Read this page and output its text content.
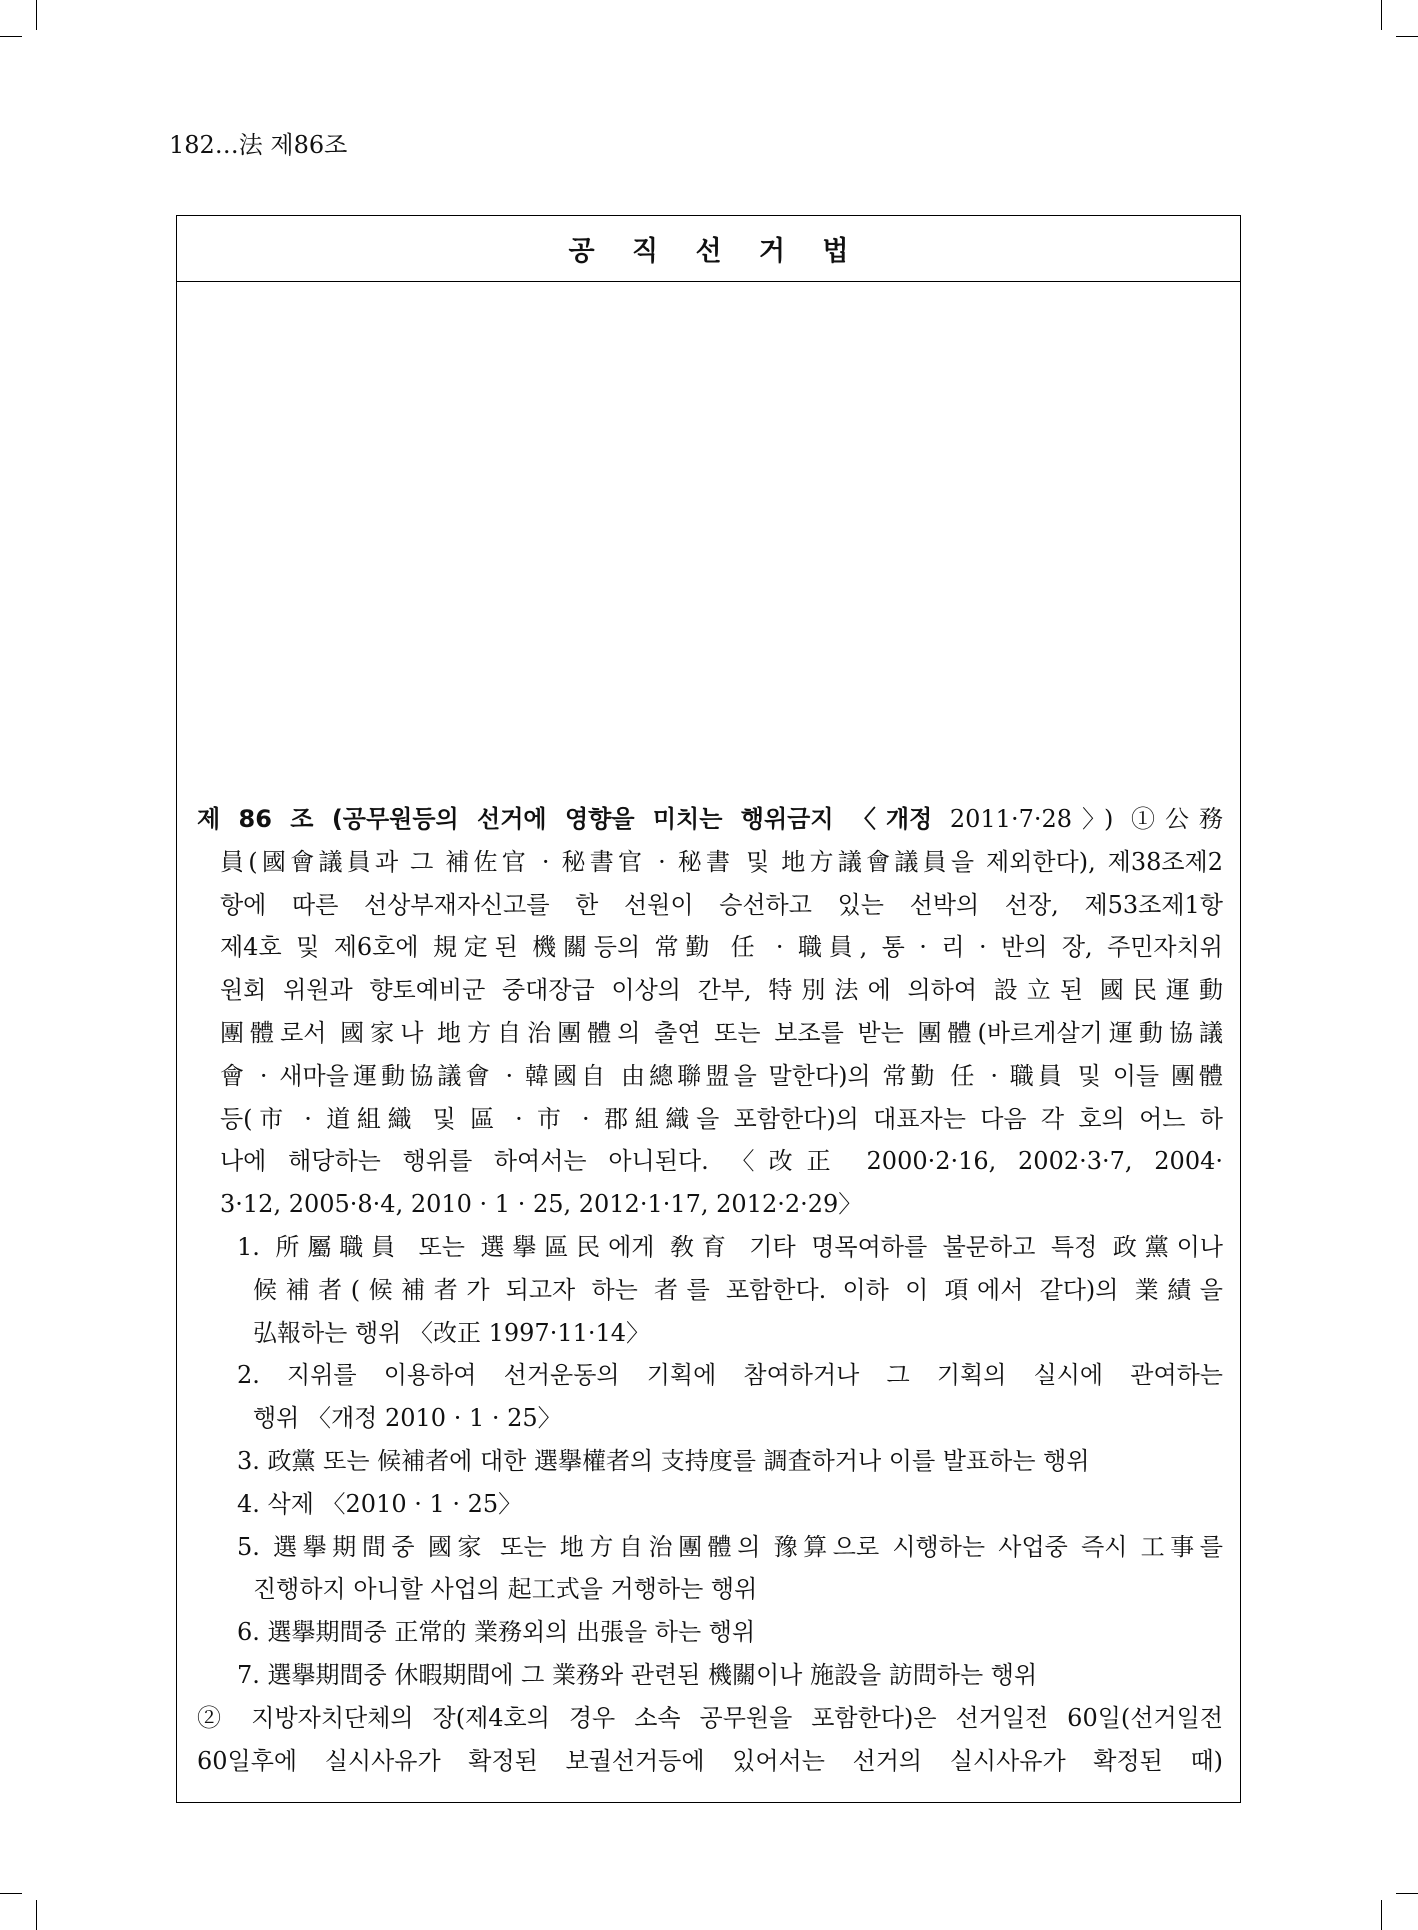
182…法 제86조
공 직 선 거 법
제 86 조 (공무원등의 선거에 영향을 미치는 행위금지 〈개정 2011·7·28〉) ①公務
員(國會議員과 그 補佐官 · 秘書官 · 秘書 및 地方議會議員을 제외한다), 제38조제2
항에 따른 선상부재자신고를 한 선원이 승선하고 있는 선박의 선장, 제53조제1항
제4호 및 제6호에 規定된 機關등의 常勤 任 · 職員, 통 · 리 · 반의 장, 주민자치위
원회 위원과 향토예비군 중대장급 이상의 간부, 特別法에 의하여 設立된 國民運動
團體로서 國家나 地方自治團體의 출연 또는 보조를 받는 團體(바르게살기運動協議
會 · 새마을運動協議會 · 韓國自 由總聯盟을 말한다)의 常勤 任 · 職員 및 이들 團體
등(市 · 道組織 및 區 · 市 · 郡組織을 포함한다)의 대표자는 다음 각 호의 어느 하
나에 해당하는 행위를 하여서는 아니된다. 〈改正 2000·2·16, 2002·3·7, 2004·
3·12, 2005·8·4, 2010 · 1 · 25, 2012·1·17, 2012·2·29〉
1. 所屬職員 또는 選擧區民에게 敎育 기타 명목여하를 불문하고 특정 政黨이나
候補者(候補者가 되고자 하는 者를 포함한다. 이하 이 項에서 같다)의 業績을
弘報하는 행위 〈改正 1997·11·14〉
2. 지위를 이용하여 선거운동의 기획에 참여하거나 그 기획의 실시에 관여하는
행위 〈개정 2010 · 1 · 25〉
3. 政黨 또는 候補者에 대한 選擧權者의 支持度를 調査하거나 이를 발표하는 행위
4. 삭제 〈2010 · 1 · 25〉
5. 選擧期間중 國家 또는 地方自治團體의 豫算으로 시행하는 사업중 즉시 工事를
진행하지 아니할 사업의 起工式을 거행하는 행위
6. 選擧期間중 正常的 業務외의 出張을 하는 행위
7. 選擧期間중 休暇期間에 그 業務와 관련된 機關이나 施設을 訪問하는 행위
② 지방자치단체의 장(제4호의 경우 소속 공무원을 포함한다)은 선거일전 60일(선거일전
60일후에 실시사유가 확정된 보궐선거등에 있어서는 선거의 실시사유가 확정된 때)
